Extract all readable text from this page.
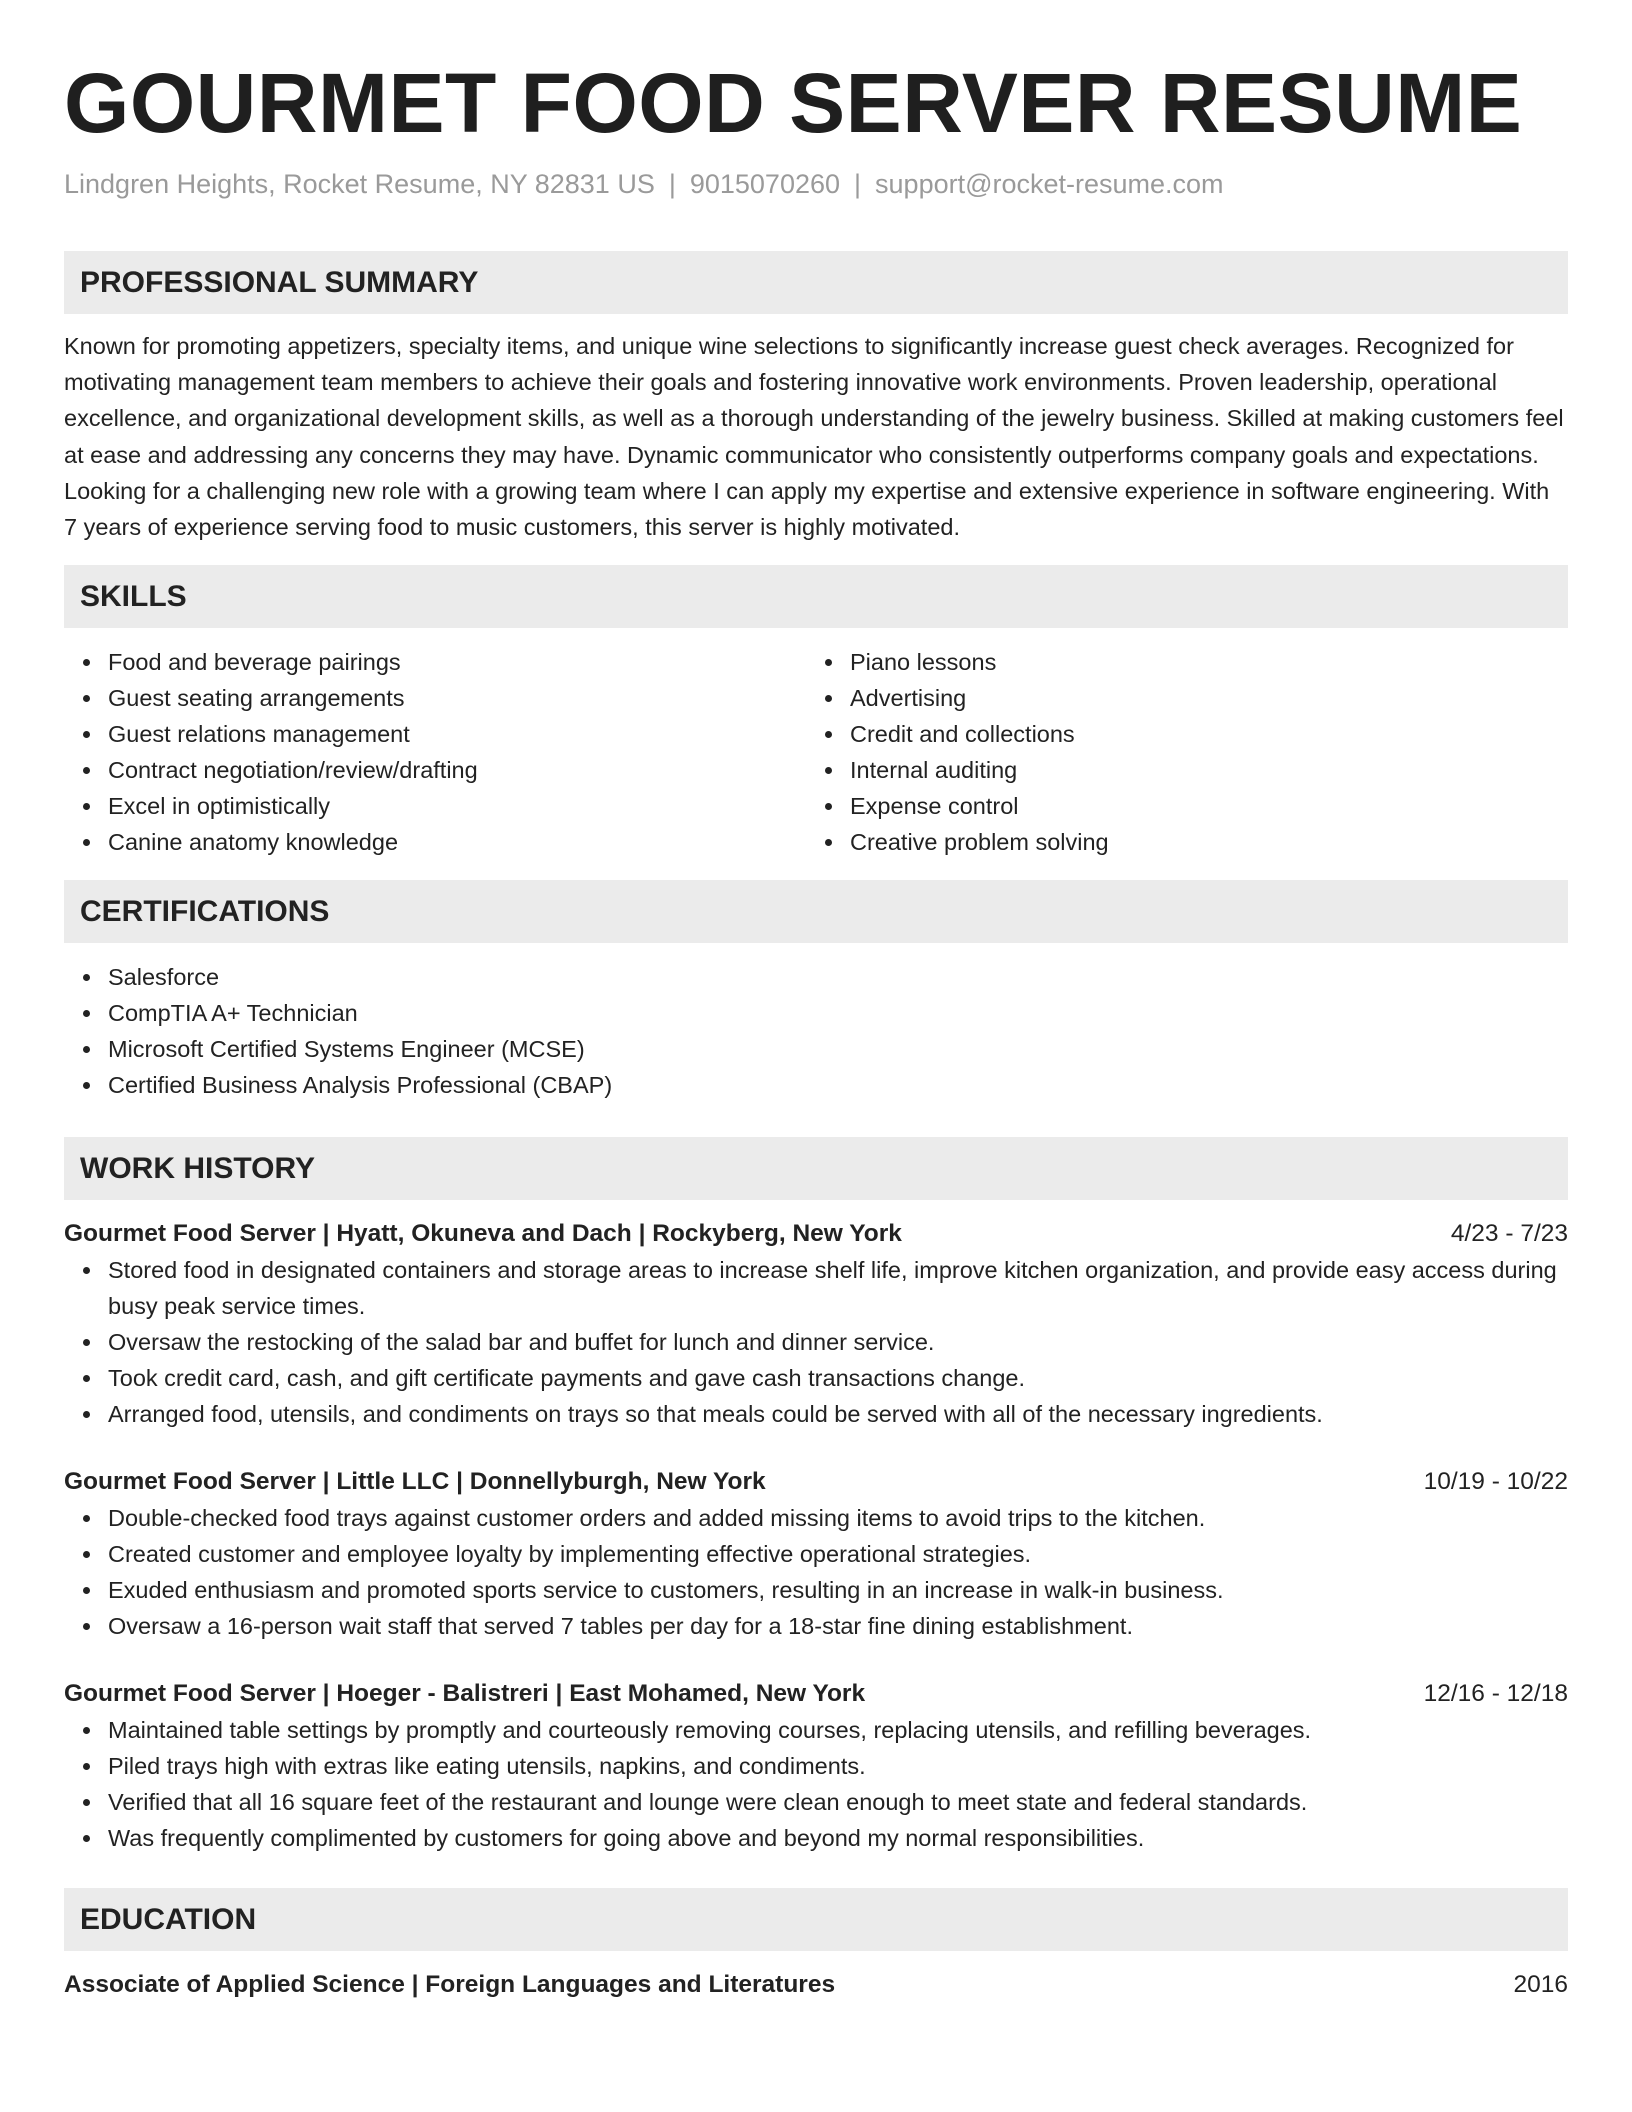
GOURMET FOOD SERVER RESUME
Lindgren Heights, Rocket Resume, NY 82831 US | 9015070260 | support@rocket-resume.com
PROFESSIONAL SUMMARY

Known for promoting appetizers, specialty items, and unique wine selections to significantly increase guest check averages. Recognized for motivating management team members to achieve their goals and fostering innovative work environments. Proven leadership, operational excellence, and organizational development skills, as well as a thorough understanding of the jewelry business. Skilled at making customers feel at ease and addressing any concerns they may have. Dynamic communicator who consistently outperforms company goals and expectations. Looking for a challenging new role with a growing team where I can apply my expertise and extensive experience in software engineering. With 7 years of experience serving food to music customers, this server is highly motivated.

SKILLS
Food and beverage pairings
Guest seating arrangements
Guest relations management
Contract negotiation/review/drafting
Excel in optimistically
Canine anatomy knowledge
Piano lessons
Advertising
Credit and collections
Internal auditing
Expense control
Creative problem solving
CERTIFICATIONS
Salesforce
CompTIA A+ Technician
Microsoft Certified Systems Engineer (MCSE)
Certified Business Analysis Professional (CBAP)
WORK HISTORY
Gourmet Food Server | Hyatt, Okuneva and Dach | Rockyberg, New York	4/23 - 7/23
Stored food in designated containers and storage areas to increase shelf life, improve kitchen organization, and provide easy access during busy peak service times.
Oversaw the restocking of the salad bar and buffet for lunch and dinner service.
Took credit card, cash, and gift certificate payments and gave cash transactions change.
Arranged food, utensils, and condiments on trays so that meals could be served with all of the necessary ingredients.
Gourmet Food Server | Little LLC | Donnellyburgh, New York	10/19 - 10/22
Double-checked food trays against customer orders and added missing items to avoid trips to the kitchen.
Created customer and employee loyalty by implementing effective operational strategies.
Exuded enthusiasm and promoted sports service to customers, resulting in an increase in walk-in business.
Oversaw a 16-person wait staff that served 7 tables per day for a 18-star fine dining establishment.
Gourmet Food Server | Hoeger - Balistreri | East Mohamed, New York	12/16 - 12/18
Maintained table settings by promptly and courteously removing courses, replacing utensils, and refilling beverages.
Piled trays high with extras like eating utensils, napkins, and condiments.
Verified that all 16 square feet of the restaurant and lounge were clean enough to meet state and federal standards.
Was frequently complimented by customers for going above and beyond my normal responsibilities.
EDUCATION
Associate of Applied Science | Foreign Languages and Literatures	2016
